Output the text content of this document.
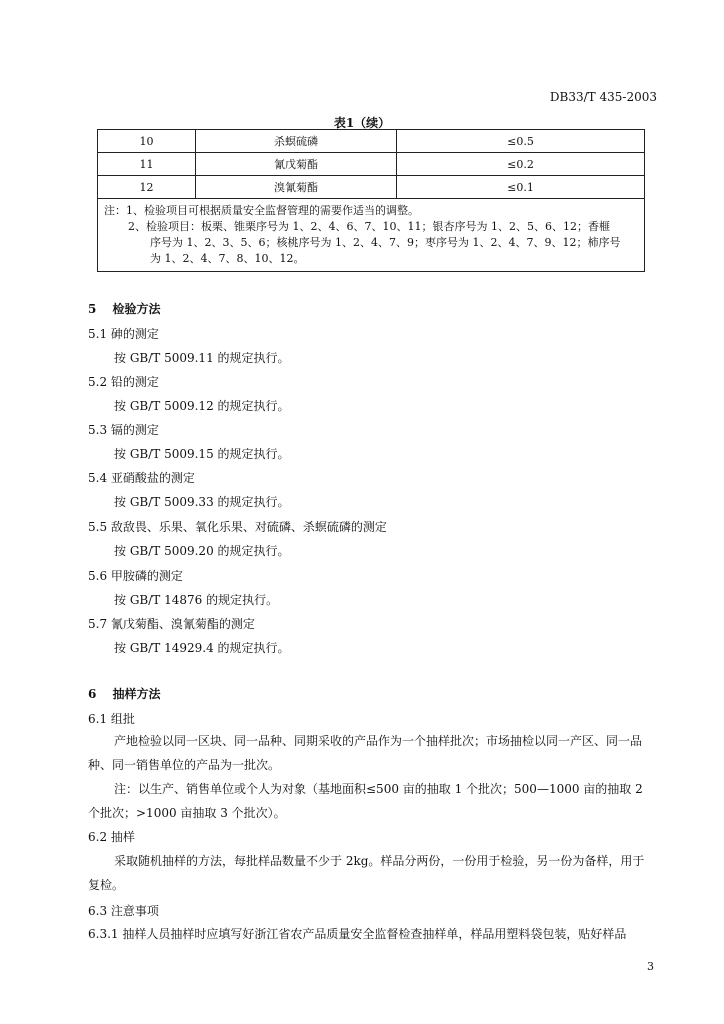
DB33/T 435-2003
表1（续）
10	杀螟硫磷	≤0.5
11	氰戊菊酯	≤0.2
12	溴氰菊酯	≤0.1

注：1、检验项目可根据质量安全监督管理的需要作适当的调整。
2、检验项目：板栗、锥栗序号为 1、2、4、6、7、10、11；银杏序号为 1、2、5、6、12；香榧
序号为 1、2、3、5、6；核桃序号为 1、2、4、7、9；枣序号为 1、2、4、7、9、12；柿序号
为 1、2、4、7、8、10、12。		
5　 检验方法
5.1 砷的测定
按 GB/T 5009.11 的规定执行。
5.2 铅的测定
按 GB/T 5009.12 的规定执行。
5.3 镉的测定
按 GB/T 5009.15 的规定执行。
5.4 亚硝酸盐的测定
按 GB/T 5009.33 的规定执行。
5.5 敌敌畏、乐果、氧化乐果、对硫磷、杀螟硫磷的测定
按 GB/T 5009.20 的规定执行。
5.6 甲胺磷的测定
按 GB/T 14876 的规定执行。
5.7 氰戊菊酯、溴氰菊酯的测定
按 GB/T 14929.4 的规定执行。
6　 抽样方法
6.1 组批
产地检验以同一区块、同一品种、同期采收的产品作为一个抽样批次；市场抽检以同一产区、同一品种、同一销售单位的产品为一批次。
注：以生产、销售单位或个人为对象（基地面积≤500 亩的抽取 1 个批次；500—1000 亩的抽取 2 个批次；>1000 亩抽取 3 个批次）。
6.2 抽样
采取随机抽样的方法，每批样品数量不少于 2kg。样品分两份，一份用于检验，另一份为备样，用于复检。
6.3 注意事项
6.3.1 抽样人员抽样时应填写好浙江省农产品质量安全监督检查抽样单，样品用塑料袋包装，贴好样品
3
